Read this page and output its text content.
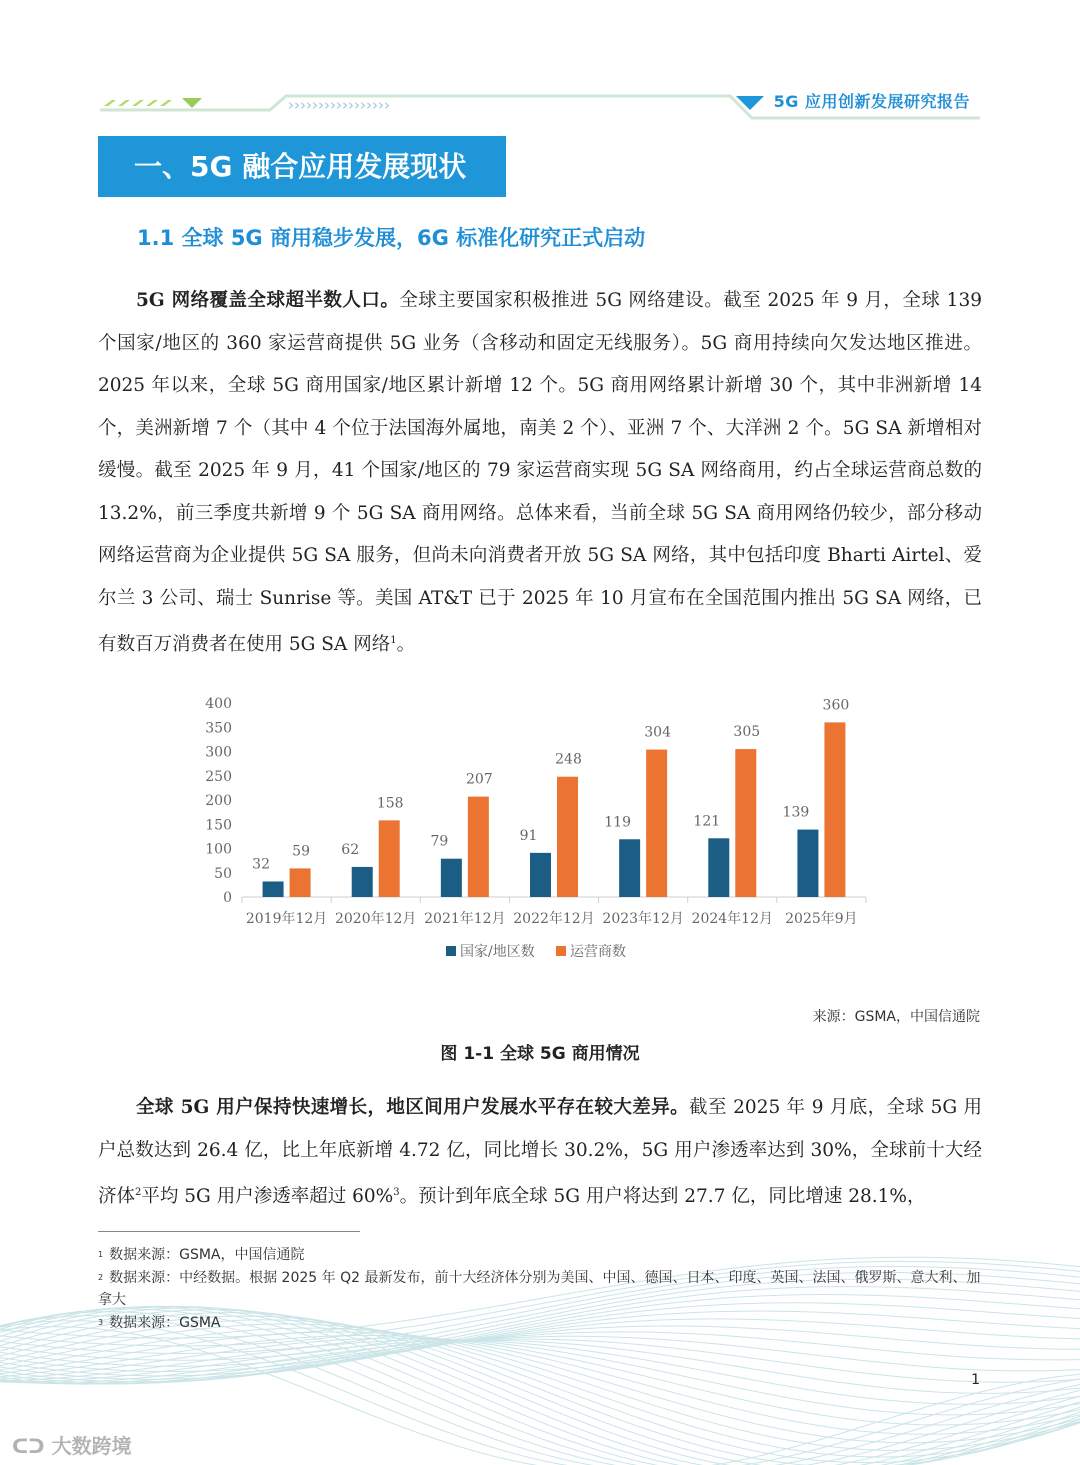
›››››››››››››››››	5G 应用创新发展研究报告
一、5G 融合应用发展现状
1.1 全球 5G 商用稳步发展，6G 标准化研究正式启动
5G 网络覆盖全球超半数人口。全球主要国家积极推进 5G 网络建设。截至 2025 年 9 月，全球 139 个国家/地区的 360 家运营商提供 5G 业务（含移动和固定无线服务）。5G 商用持续向欠发达地区推进。2025 年以来，全球 5G 商用国家/地区累计新增 12 个。5G 商用网络累计新增 30 个，其中非洲新增 14 个，美洲新增 7 个（其中 4 个位于法国海外属地，南美 2 个）、亚洲 7 个、大洋洲 2 个。5G SA 新增相对缓慢。截至 2025 年 9 月，41 个国家/地区的 79 家运营商实现 5G SA 网络商用，约占全球运营商总数的 13.2%，前三季度共新增 9 个 5G SA 商用网络。总体来看，当前全球 5G SA 商用网络仍较少，部分移动网络运营商为企业提供 5G SA 服务，但尚未向消费者开放 5G SA 网络，其中包括印度 Bharti Airtel、爱尔兰 3 公司、瑞士 Sunrise 等。美国 AT&T 已于 2025 年 10 月宣布在全国范围内推出 5G SA 网络，已有数百万消费者在使用 5G SA 网络$^1$。
0
50
100
150
200
250
300
350
400
32
59
2019年12月
62
158
2020年12月
79
207
2021年12月
91
248
2022年12月
119
304
2023年12月
121
305
2024年12月
139
360
2025年9月
国家/地区数	运营商数
来源：GSMA，中国信通院
图 1-1 全球 5G 商用情况
全球 5G 用户保持快速增长，地区间用户发展水平存在较大差异。截至 2025 年 9 月底，全球 5G 用户总数达到 26.4 亿，比上年底新增 4.72 亿，同比增长 30.2%，5G 用户渗透率达到 30%，全球前十大经济体$^2$平均 5G 用户渗透率超过 60%$^3$。预计到年底全球 5G 用户将达到 27.7 亿，同比增速 28.1%，
$^1$ 数据来源：GSMA，中国信通院
$^2$ 数据来源：中经数据。根据 2025 年 Q2 最新发布，前十大经济体分别为美国、中国、德国、日本、印度、英国、法国、俄罗斯、意大利、加拿大
$^3$ 数据来源：GSMA
1
ᑕᑐ 大数跨境
